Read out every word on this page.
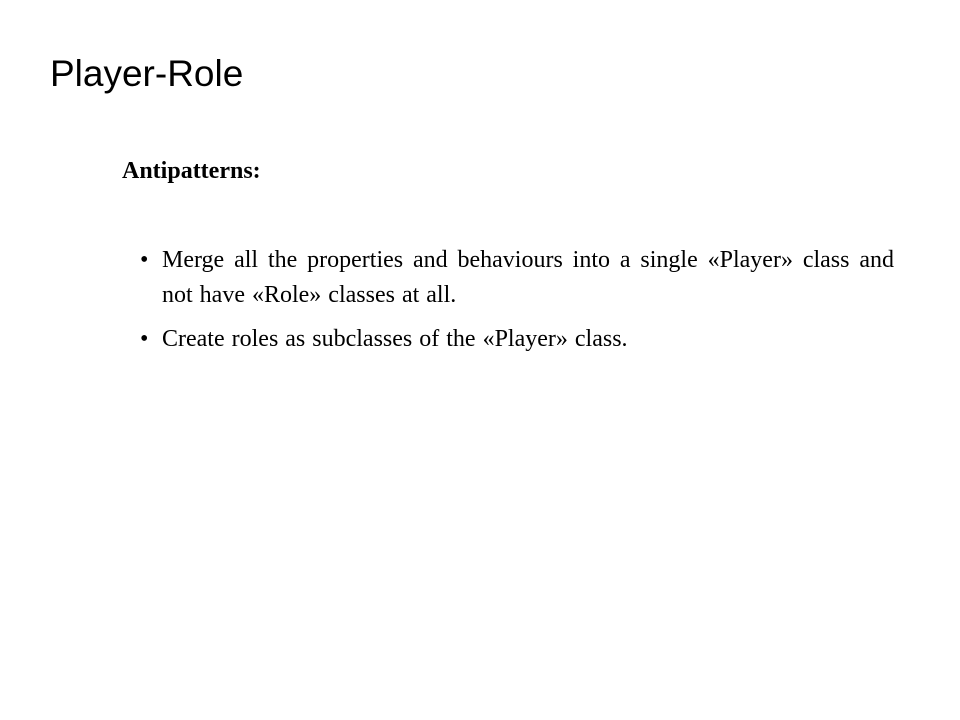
Player-Role
Antipatterns:
• Merge all the properties and behaviours into a single «Player» class and not have «Role» classes at all.
• Create roles as subclasses of the «Player» class.
